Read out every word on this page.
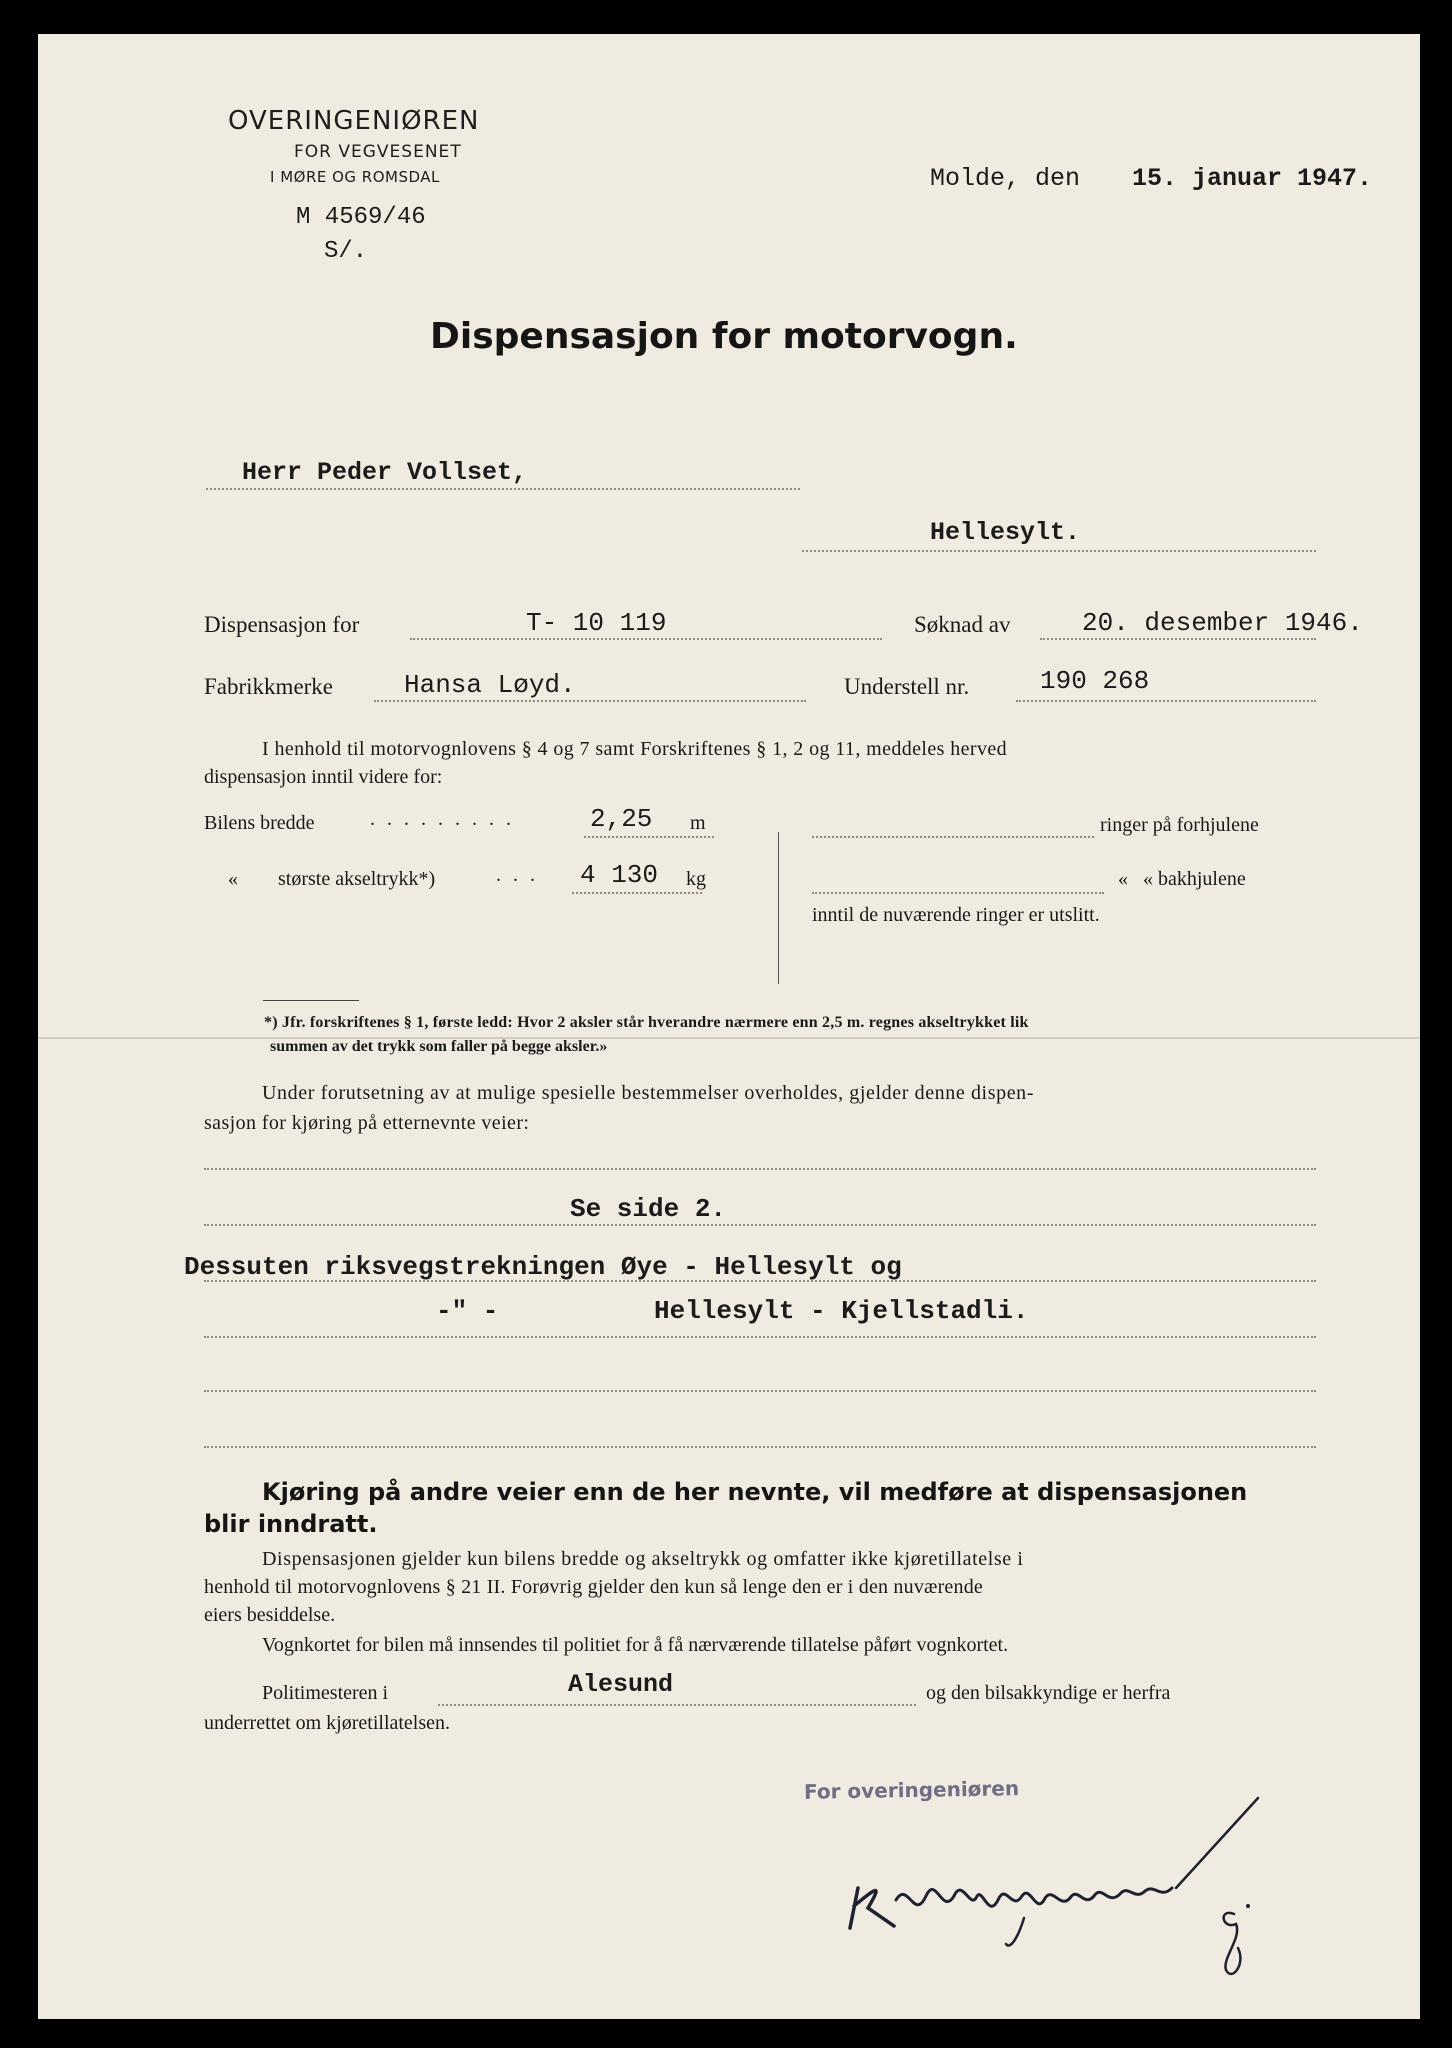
OVERINGENIØREN
FOR VEGVESENET
I MØRE OG ROMSDAL
M 4569/46
S/.
Molde, den 15. januar 1947.
Dispensasjon for motorvogn.
Herr Peder Vollset,
Hellesylt.
Dispensasjon for	T- 10 119	Søknad av	20. desember 1946.
Fabrikkmerke	Hansa Løyd.	Understell nr.	190 268
I henhold til motorvognlovens § 4 og 7 samt Forskriftenes § 1, 2 og 11, meddeles herved
dispensasjon inntil videre for:
Bilens bredde	.........	2,25 m
« største akseltrykk*)	... 4 130 kg
ringer på forhjulene
«   « bakhjulene
inntil de nuværende ringer er utslitt.
*) Jfr. forskriftenes § 1, første ledd: Hvor 2 aksler står hverandre nærmere enn 2,5 m. regnes akseltrykket lik
summen av det trykk som faller på begge aksler.»
Under forutsetning av at mulige spesielle bestemmelser overholdes, gjelder denne dispen-
sasjon for kjøring på etternevnte veier:
Se side 2.
Dessuten riksvegstrekningen Øye - Hellesylt og
-" -	Hellesylt - Kjellstadli.
Kjøring på andre veier enn de her nevnte, vil medføre at dispensasjonen
blir inndratt.
Dispensasjonen gjelder kun bilens bredde og akseltrykk og omfatter ikke kjøretillatelse i
henhold til motorvognlovens § 21 II. Forøvrig gjelder den kun så lenge den er i den nuværende
eiers besiddelse.
Vognkortet for bilen må innsendes til politiet for å få nærværende tillatelse påført vognkortet.
Politimesteren i	Alesund	og den bilsakkyndige er herfra
underrettet om kjøretillatelsen.
For overingeniøren
